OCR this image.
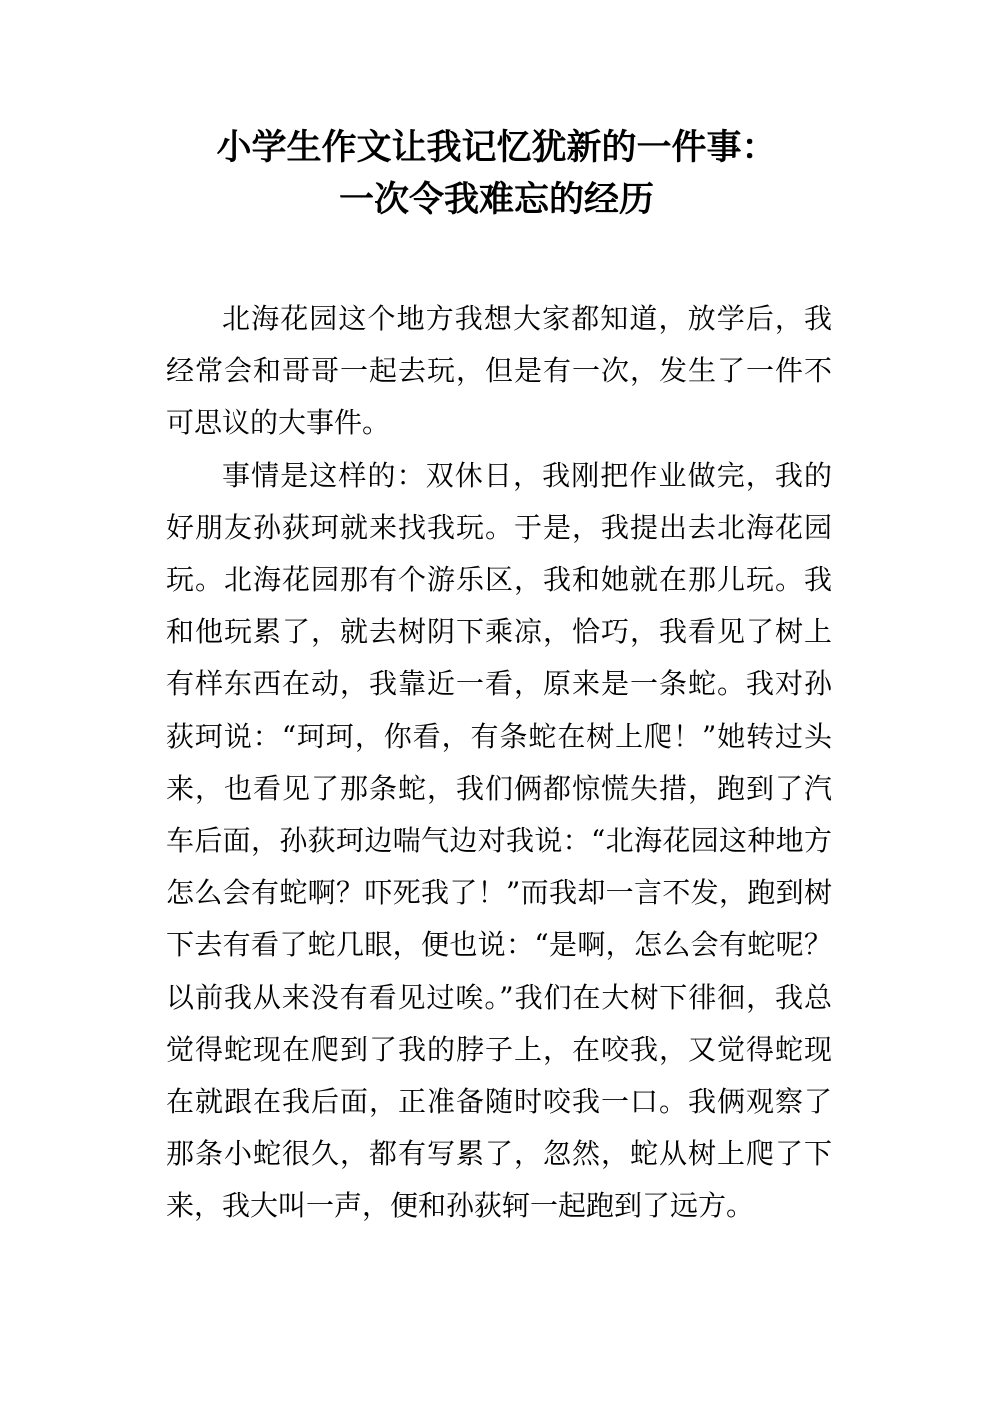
小学生作文让我记忆犹新的一件事：
一次令我难忘的经历

北海花园这个地方我想大家都知道，放学后，我经常会和哥哥一起去玩，但是有一次，发生了一件不可思议的大事件。

事情是这样的：双休日，我刚把作业做完，我的好朋友孙荻珂就来找我玩。于是，我提出去北海花园玩。北海花园那有个游乐区，我和她就在那儿玩。我和他玩累了，就去树阴下乘凉，恰巧，我看见了树上有样东西在动，我靠近一看，原来是一条蛇。我对孙荻珂说：“珂珂，你看，有条蛇在树上爬！”她转过头来，也看见了那条蛇，我们俩都惊慌失措，跑到了汽车后面，孙荻珂边喘气边对我说：“北海花园这种地方怎么会有蛇啊？吓死我了！”而我却一言不发，跑到树下去有看了蛇几眼，便也说：“是啊，怎么会有蛇呢？以前我从来没有看见过唉。”我们在大树下徘徊，我总觉得蛇现在爬到了我的脖子上，在咬我，又觉得蛇现在就跟在我后面，正准备随时咬我一口。我俩观察了那条小蛇很久，都有写累了，忽然，蛇从树上爬了下来，我大叫一声，便和孙荻轲一起跑到了远方。
